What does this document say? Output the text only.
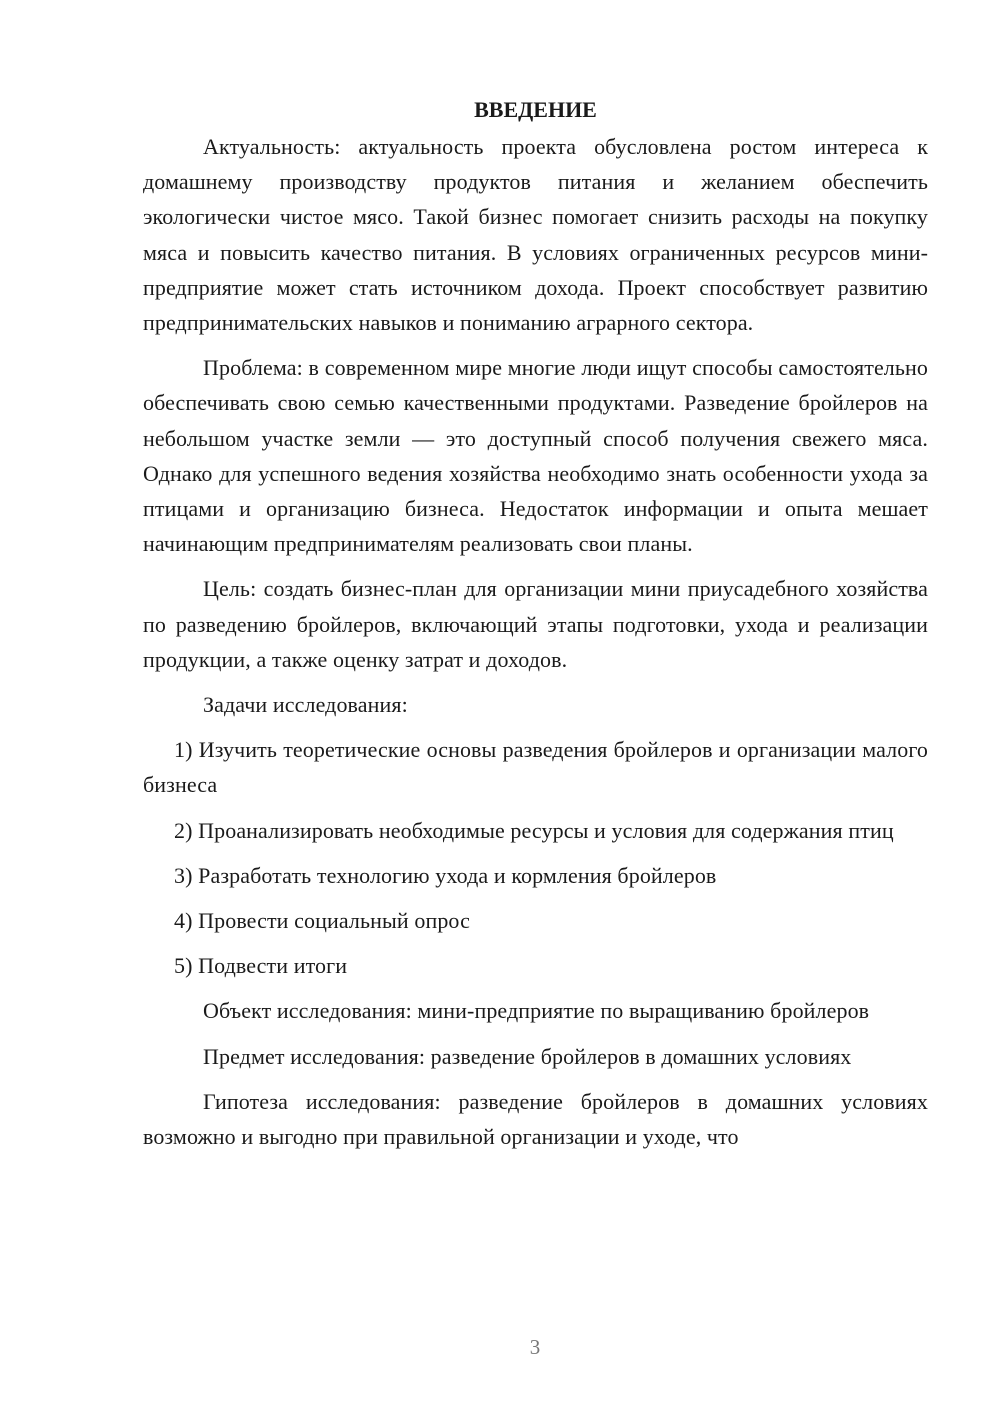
ВВЕДЕНИЕ

Актуальность: актуальность проекта обусловлена ростом интереса к домашнему производству продуктов питания и желанием обеспечить экологически чистое мясо. Такой бизнес помогает снизить расходы на покупку мяса и повысить качество питания. В условиях ограниченных ресурсов мини-предприятие может стать источником дохода. Проект способствует развитию предпринимательских навыков и пониманию аграрного сектора.

Проблема: в современном мире многие люди ищут способы самостоятельно обеспечивать свою семью качественными продуктами. Разведение бройлеров на небольшом участке земли — это доступный способ получения свежего мяса. Однако для успешного ведения хозяйства необходимо знать особенности ухода за птицами и организацию бизнеса. Недостаток информации и опыта мешает начинающим предпринимателям реализовать свои планы.

Цель: создать бизнес-план для организации мини приусадебного хозяйства по разведению бройлеров, включающий этапы подготовки, ухода и реализации продукции, а также оценку затрат и доходов.

Задачи исследования:

1) Изучить теоретические основы разведения бройлеров и организации малого бизнеса

2) Проанализировать необходимые ресурсы и условия для содержания птиц

3) Разработать технологию ухода и кормления бройлеров

4) Провести социальный опрос

5) Подвести итоги

Объект исследования: мини-предприятие по выращиванию бройлеров

Предмет исследования: разведение бройлеров в домашних условиях

Гипотеза исследования: разведение бройлеров в домашних условиях возможно и выгодно при правильной организации и уходе, что

3
